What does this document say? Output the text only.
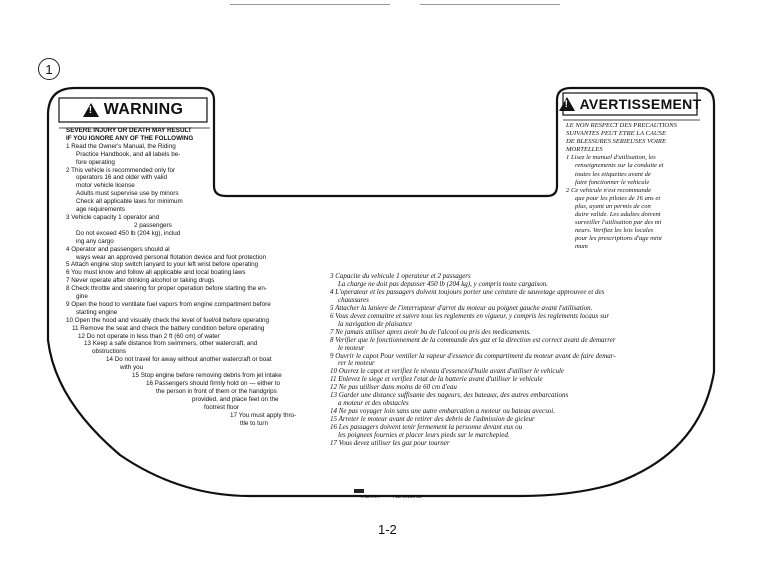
1
!
WARNING
!	AVERTISSEMENT
SEVERE INJURY OR DEATH MAY RESULT
IF YOU IGNORE ANY OF THE FOLLOWING
1 Read the Owner's Manual, the Riding
Practice Handbook, and all labels be-
fore operating
2 This vehicle is recommended only for
operators 16 and older with valid
motor vehicle license
Adults must supervise use by minors
Check all applicable laws for minimum
age requirements
3 Vehicle capacity 1 operator and
2 passengers
Do not exceed 450 lb (204 kg), includ
ing any cargo
4 Operator and passengers should al
ways wear an approved personal flotation device and foot protection
5 Attach engine stop switch lanyard to your left wrist before operating
6 You must know and follow all applicable and local boating laws
7 Never operate after drinking alcohol or taking drugs
8 Check throttle and steering for proper operation before starting the en-
gine
9 Open the hood to ventilate fuel vapors from engine compartment before
starting engine
10 Open the hood and visually check the level of fuel/oil before operating
11 Remove the seat and check the battery condition before operating
12 Do not operate in less than 2 ft (60 cm) of water
13 Keep a safe distance from swimmers, other watercraft, and
obstructions
14 Do not travel for away without another watercraft or boat
with you
15 Stop engine before removing debris from jet intake
16 Passengers should firmly hold on — either to
the person in front of them or the handgrips
provided, and place feet on the
footrest floor
17 You must apply thro-
ttle to turn
LE NON RESPECT DES PRECAUTIONS
SUIVANTES PEUT ETRE LA CAUSE
DE BLESSURES SERIEUSES VOIRE
MORTELLES
1 Lisez le manuel d'utilisation, les
renseignements sur la conduite et
toutes les etiquettes avant de
faire fonctionner le vehicule
2 Ce vehicule n'est recommande
que pour les pilotes de 16 ans et
plus, ayant un permis de con
duire valide. Les adultes doivent
surveiller l'utilisation par des mi
neurs. Verifiez les lois locales
pour les prescriptions d'age mini
mum
3 Capacite du vehicule 1 operateur et 2 passagers
La charge ne doit pas depasser 450 lb (204 kg), y compris toute cargaison.
4 L'operateur et les passagers doivent toujours porter une ceinture de sauvetage approuvee et des
chaussures
5 Attacher la laniere de l'interrupteur d'arret du moteur au poignet gauche avant l'utilisation.
6 Vous devez connaitre et suivre tous les reglements en vigueur, y compris les reglements locaux sur
la navigation de plaisance
7 Ne jamais utiliser apres avoir bu de l'alcool ou pris des medicaments.
8 Verifier que le fonctionnement de la commande des gaz et la direction est correct avant de demarrer
le moteur
9 Ouvrir le capot Pour ventiler la vapeur d'essence du compartiment du moteur avant de faire demar-
rer le moteur
10 Ouvrez le capot et verifiez le niveau d'essence/d'huile avant d'utiliser le vehicule
11 Enlevez le siege et verifiez l'etat de la batterie avant d'utiliser le vehicule
12 Ne pas utiliser dans moins de 60 cm d'eau
13 Garder une distance suffisante des nageurs, des bateaux, des autres embarcations
a moteur et des obstacles
14 Ne pas voyager loin sans une autre embarcation a moteur ou bateau avecsoi.
15 Arreter le moteur avant de retirer des debris de l'admission de gicleur
16 Les passagers doivent tenir fermement la personne devant eux ou
les poignees fournies et placer leurs pieds sur le marchepied.
17 Vous devez utiliser les gaz pour tourner
YAMAHA	F1B-84181-22
1-2
